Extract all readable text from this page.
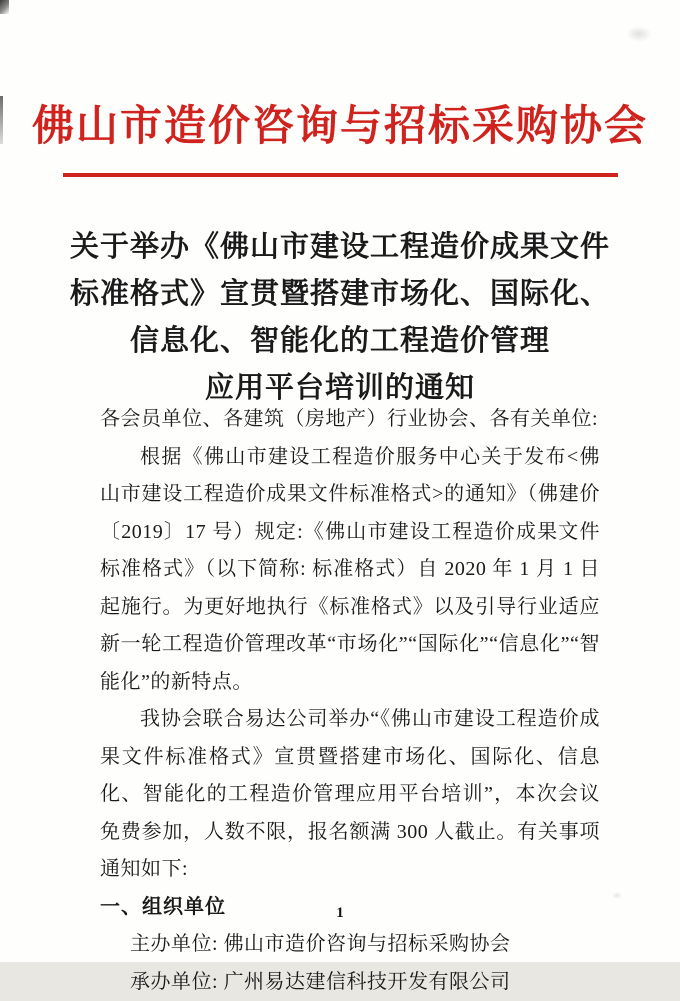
佛山市造价咨询与招标采购协会
关于举办《佛山市建设工程造价成果文件
标准格式》宣贯暨搭建市场化、国际化、
信息化、智能化的工程造价管理
应用平台培训的通知

各会员单位、各建筑（房地产）行业协会、各有关单位:

根据《佛山市建设工程造价服务中心关于发布<佛山市建设工程造价成果文件标准格式>的通知》（佛建价〔2019〕17 号）规定:《佛山市建设工程造价成果文件标准格式》（以下简称: 标准格式）自 2020 年 1 月 1 日起施行。为更好地执行《标准格式》以及引导行业适应新一轮工程造价管理改革“市场化”“国际化”“信息化”“智能化”的新特点。

我协会联合易达公司举办“《佛山市建设工程造价成果文件标准格式》宣贯暨搭建市场化、国际化、信息化、智能化的工程造价管理应用平台培训”，本次会议免费参加，人数不限，报名额满 300 人截止。有关事项通知如下:

一、组织单位

主办单位: 佛山市造价咨询与招标采购协会

承办单位: 广州易达建信科技开发有限公司

1
